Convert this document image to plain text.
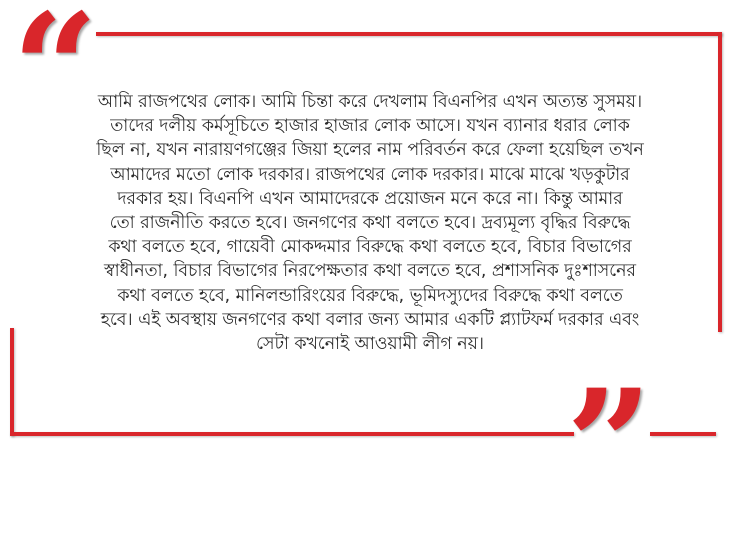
“
”
আমি রাজপথের লোক। আমি চিন্তা করে দেখলাম বিএনপির এখন অত্যন্ত সুসময়।
তাদের দলীয় কর্মসূচিতে হাজার হাজার লোক আসে। যখন ব্যানার ধরার লোক
ছিল না, যখন নারায়ণগঞ্জের জিয়া হলের নাম পরিবর্তন করে ফেলা হয়েছিল তখন
আমাদের মতো লোক দরকার। রাজপথের লোক দরকার। মাঝে মাঝে খড়কুটার
দরকার হয়। বিএনপি এখন আমাদেরকে প্রয়োজন মনে করে না। কিন্তু আমার
তো রাজনীতি করতে হবে। জনগণের কথা বলতে হবে। দ্রব্যমূল্য বৃদ্ধির বিরুদ্ধে
কথা বলতে হবে, গায়েবী মোকদ্দমার বিরুদ্ধে কথা বলতে হবে, বিচার বিভাগের
স্বাধীনতা, বিচার বিভাগের নিরপেক্ষতার কথা বলতে হবে, প্রশাসনিক দুঃশাসনের
কথা বলতে হবে, মানিলন্ডারিংয়ের বিরুদ্ধে, ভূমিদস্যুদের বিরুদ্ধে কথা বলতে
হবে। এই অবস্থায় জনগণের কথা বলার জন্য আমার একটি প্ল্যাটফর্ম দরকার এবং
সেটা কখনোই আওয়ামী লীগ নয়।
